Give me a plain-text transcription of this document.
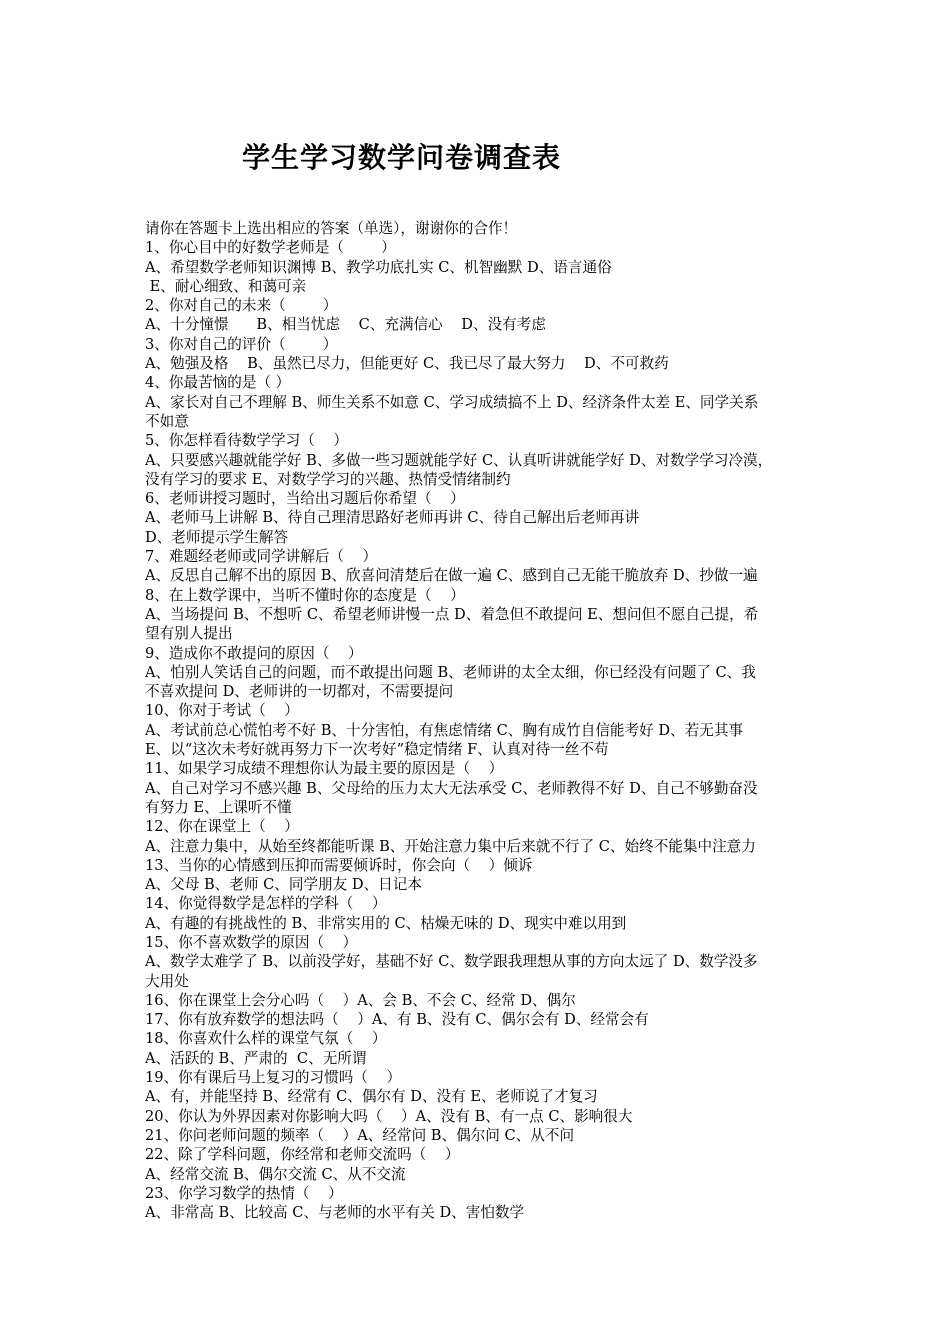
学生学习数学问卷调查表
请你在答题卡上选出相应的答案（单选），谢谢你的合作！
1、你心目中的好数学老师是（        ）
A、希望数学老师知识渊博 B、教学功底扎实 C、机智幽默 D、语言通俗
E、耐心细致、和蔼可亲
2、你对自己的未来（        ）
A、十分憧憬      B、相当忧虑    C、充满信心    D、没有考虑
3、你对自己的评价（        ）
A、勉强及格    B、虽然已尽力，但能更好 C、我已尽了最大努力    D、不可救药
4、你最苦恼的是（ ）
A、家长对自己不理解 B、师生关系不如意 C、学习成绩搞不上 D、经济条件太差 E、同学关系
不如意
5、你怎样看待数学学习（    ）
A、只要感兴趣就能学好 B、多做一些习题就能学好 C、认真听讲就能学好 D、对数学学习冷漠，
没有学习的要求 E、对数学学习的兴趣、热情受情绪制约
6、老师讲授习题时，当给出习题后你希望（    ）
A、老师马上讲解 B、待自己理清思路好老师再讲 C、待自己解出后老师再讲
D、老师提示学生解答
7、难题经老师或同学讲解后（    ）
A、反思自己解不出的原因 B、欣喜问清楚后在做一遍 C、感到自己无能干脆放弃 D、抄做一遍
8、在上数学课中，当听不懂时你的态度是（    ）
A、当场提问 B、不想听 C、希望老师讲慢一点 D、着急但不敢提问 E、想问但不愿自己提，希
望有别人提出
9、造成你不敢提问的原因（    ）
A、怕别人笑话自己的问题，而不敢提出问题 B、老师讲的太全太细，你已经没有问题了 C、我
不喜欢提问 D、老师讲的一切都对，不需要提问
10、你对于考试（    ）
A、考试前总心慌怕考不好 B、十分害怕，有焦虑情绪 C、胸有成竹自信能考好 D、若无其事
E、以“这次未考好就再努力下一次考好”稳定情绪 F、认真对待一丝不苟
11、如果学习成绩不理想你认为最主要的原因是（    ）
A、自己对学习不感兴趣 B、父母给的压力太大无法承受 C、老师教得不好 D、自己不够勤奋没
有努力 E、上课听不懂
12、你在课堂上（    ）
A、注意力集中，从始至终都能听课 B、开始注意力集中后来就不行了 C、始终不能集中注意力
13、当你的心情感到压抑而需要倾诉时，你会向（    ）倾诉
A、父母 B、老师 C、同学朋友 D、日记本
14、你觉得数学是怎样的学科（    ）
A、有趣的有挑战性的 B、非常实用的 C、枯燥无味的 D、现实中难以用到
15、你不喜欢数学的原因（    ）
A、数学太难学了 B、以前没学好，基础不好 C、数学跟我理想从事的方向太远了 D、数学没多
大用处
16、你在课堂上会分心吗（    ）A、会 B、不会 C、经常 D、偶尔
17、你有放弃数学的想法吗（    ）A、有 B、没有 C、偶尔会有 D、经常会有
18、你喜欢什么样的课堂气氛（    ）
A、活跃的 B、严肃的  C、无所谓
19、你有课后马上复习的习惯吗（    ）
A、有，并能坚持 B、经常有 C、偶尔有 D、没有 E、老师说了才复习
20、你认为外界因素对你影响大吗（    ）A、没有 B、有一点 C、影响很大
21、你问老师问题的频率（    ）A、经常问 B、偶尔问 C、从不问
22、除了学科问题，你经常和老师交流吗（    ）
A、经常交流 B、偶尔交流 C、从不交流
23、你学习数学的热情（    ）
A、非常高 B、比较高 C、与老师的水平有关 D、害怕数学
